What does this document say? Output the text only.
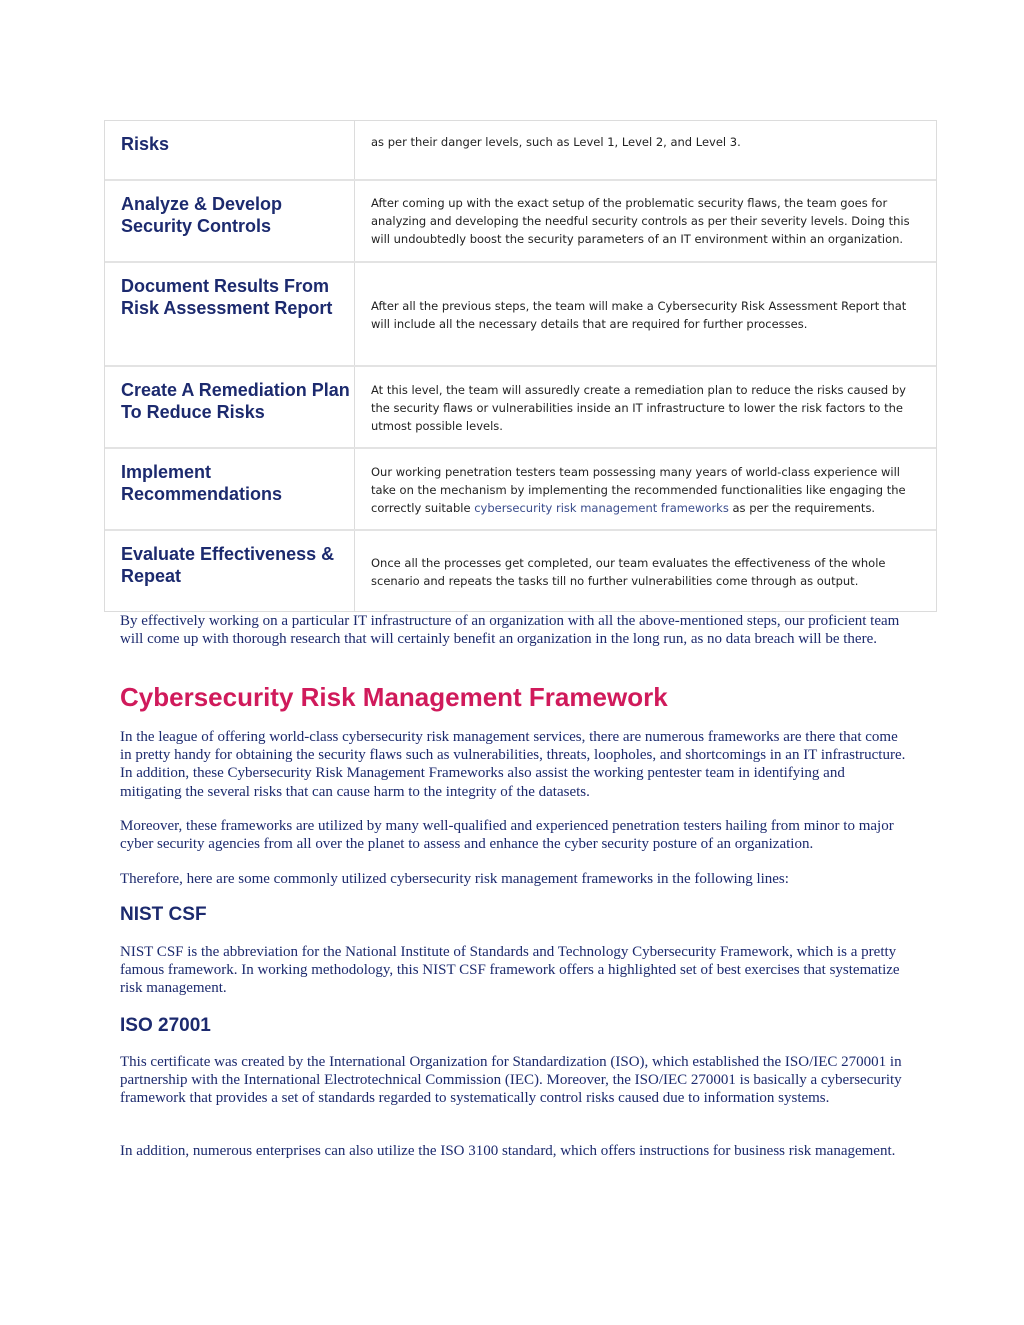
Risks	as per their danger levels, such as Level 1, Level 2, and Level 3.
Analyze & Develop Security Controls
After coming up with the exact setup of the problematic security flaws, the team goes for analyzing and developing the needful security controls as per their severity levels. Doing this will undoubtedly boost the security parameters of an IT environment within an organization.
Document Results From Risk Assessment Report	After all the previous steps, the team will make a Cybersecurity Risk Assessment Report that will include all the necessary details that are required for further processes.
Create A Remediation Plan To Reduce Risks
At this level, the team will assuredly create a remediation plan to reduce the risks caused by the security flaws or vulnerabilities inside an IT infrastructure to lower the risk factors to the utmost possible levels.
Implement Recommendations
Our working penetration testers team possessing many years of world-class experience will take on the mechanism by implementing the recommended functionalities like engaging the correctly suitable cybersecurity risk management frameworks as per the requirements.
Evaluate Effectiveness & Repeat
Once all the processes get completed, our team evaluates the effectiveness of the whole scenario and repeats the tasks till no further vulnerabilities come through as output.

By effectively working on a particular IT infrastructure of an organization with all the above-mentioned steps, our proficient team will come up with thorough research that will certainly benefit an organization in the long run, as no data breach will be there.

Cybersecurity Risk Management Framework

In the league of offering world-class cybersecurity risk management services, there are numerous frameworks are there that come in pretty handy for obtaining the security flaws such as vulnerabilities, threats, loopholes, and shortcomings in an IT infrastructure. In addition, these Cybersecurity Risk Management Frameworks also assist the working pentester team in identifying and mitigating the several risks that can cause harm to the integrity of the datasets.

Moreover, these frameworks are utilized by many well-qualified and experienced penetration testers hailing from minor to major cyber security agencies from all over the planet to assess and enhance the cyber security posture of an organization.

Therefore, here are some commonly utilized cybersecurity risk management frameworks in the following lines:

NIST CSF

NIST CSF is the abbreviation for the National Institute of Standards and Technology Cybersecurity Framework, which is a pretty famous framework. In working methodology, this NIST CSF framework offers a highlighted set of best exercises that systematize risk management.

ISO 27001

This certificate was created by the International Organization for Standardization (ISO), which established the ISO/IEC 270001 in partnership with the International Electrotechnical Commission (IEC). Moreover, the ISO/IEC 270001 is basically a cybersecurity framework that provides a set of standards regarded to systematically control risks caused due to information systems.

In addition, numerous enterprises can also utilize the ISO 3100 standard, which offers instructions for business risk management.
